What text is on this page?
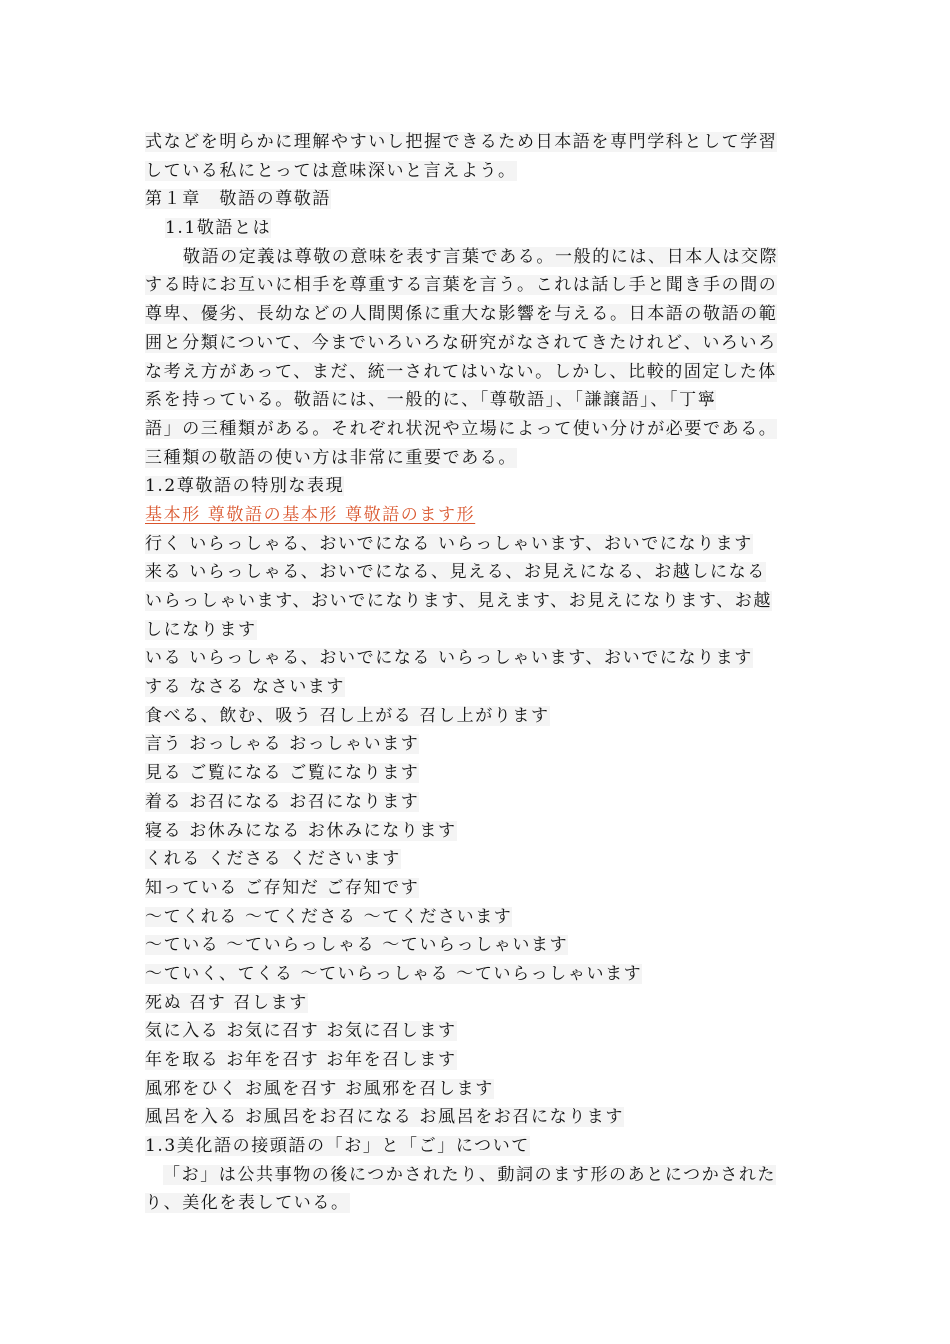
式などを明らかに理解やすいし把握できるため日本語を専門学科として学習
している私にとっては意味深いと言えよう。
第１章　敬語の尊敬語
1.1敬語とは
敬語の定義は尊敬の意味を表す言葉である。一般的には、日本人は交際
する時にお互いに相手を尊重する言葉を言う。これは話し手と聞き手の間の
尊卑、優劣、長幼などの人間関係に重大な影響を与える。日本語の敬語の範
囲と分類について、今までいろいろな研究がなされてきたけれど、いろいろ
な考え方があって、まだ、統一されてはいない。しかし、比較的固定した体
系を持っている。敬語には、一般的に、「尊敬語」、「謙譲語」、「丁寧
語」の三種類がある。それぞれ状況や立場によって使い分けが必要である。
三種類の敬語の使い方は非常に重要である。
1.2尊敬語の特別な表現
基本形 尊敬語の基本形 尊敬語のます形
行く いらっしゃる、おいでになる いらっしゃいます、おいでになります
来る いらっしゃる、おいでになる、見える、お見えになる、お越しになる
いらっしゃいます、おいでになります、見えます、お見えになります、お越
しになります
いる いらっしゃる、おいでになる いらっしゃいます、おいでになります
する なさる なさいます
食べる、飲む、吸う 召し上がる 召し上がります
言う おっしゃる おっしゃいます
見る ご覧になる ご覧になります
着る お召になる お召になります
寝る お休みになる お休みになります
くれる くださる くださいます
知っている ご存知だ ご存知です
～てくれる ～てくださる ～てくださいます
～ている ～ていらっしゃる ～ていらっしゃいます
～ていく、てくる ～ていらっしゃる ～ていらっしゃいます
死ぬ 召す 召します
気に入る お気に召す お気に召します
年を取る お年を召す お年を召します
風邪をひく お風を召す お風邪を召します
風呂を入る お風呂をお召になる お風呂をお召になります
1.3美化語の接頭語の「お」と「ご」について
「お」は公共事物の後につかされたり、動詞のます形のあとにつかされた
り、美化を表している。
